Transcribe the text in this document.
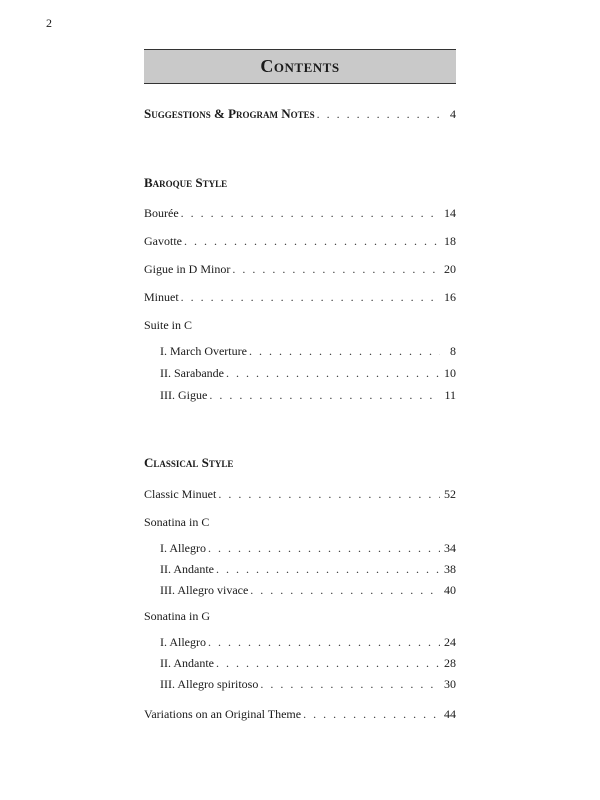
2
Contents
Suggestions & Program Notes . . .	4
Baroque Style
Bourée . . .	14
Gavotte . . .	18
Gigue in D Minor . . .	20
Minuet . . .	16
Suite in C
I. March Overture . . .	8
II. Sarabande . . .	10
III. Gigue . . .	11
Classical Style
Classic Minuet . . .	52
Sonatina in C
I. Allegro . . .	34
II. Andante . . .	38
III. Allegro vivace . . .	40
Sonatina in G
I. Allegro . . .	24
II. Andante . . .	28
III. Allegro spiritoso . . .	30
Variations on an Original Theme . . .	44
